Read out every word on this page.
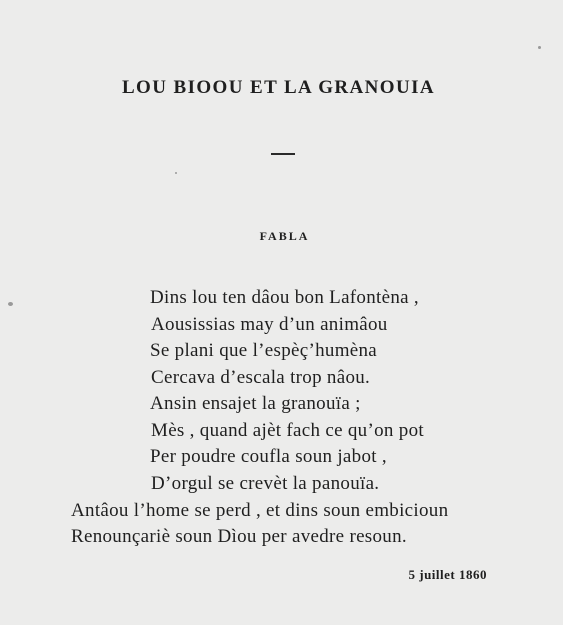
LOU BIOOU ET LA GRANOUIA
FABLA
Dins lou ten dâou bon Lafontèna ,
Aousissias may d’un animâou
Se plani que l’espèç’humèna
Cercava d’escala trop nâou.
Ansin ensajet la granouïa ;
Mès , quand ajèt fach ce qu’on pot
Per poudre coufla soun jabot ,
D’orgul se crevèt la panouïa.
Antâou l’home se perd , et dins soun embicioun
Renounçariè soun Dìou per avedre resoun.
5 juillet 1860
